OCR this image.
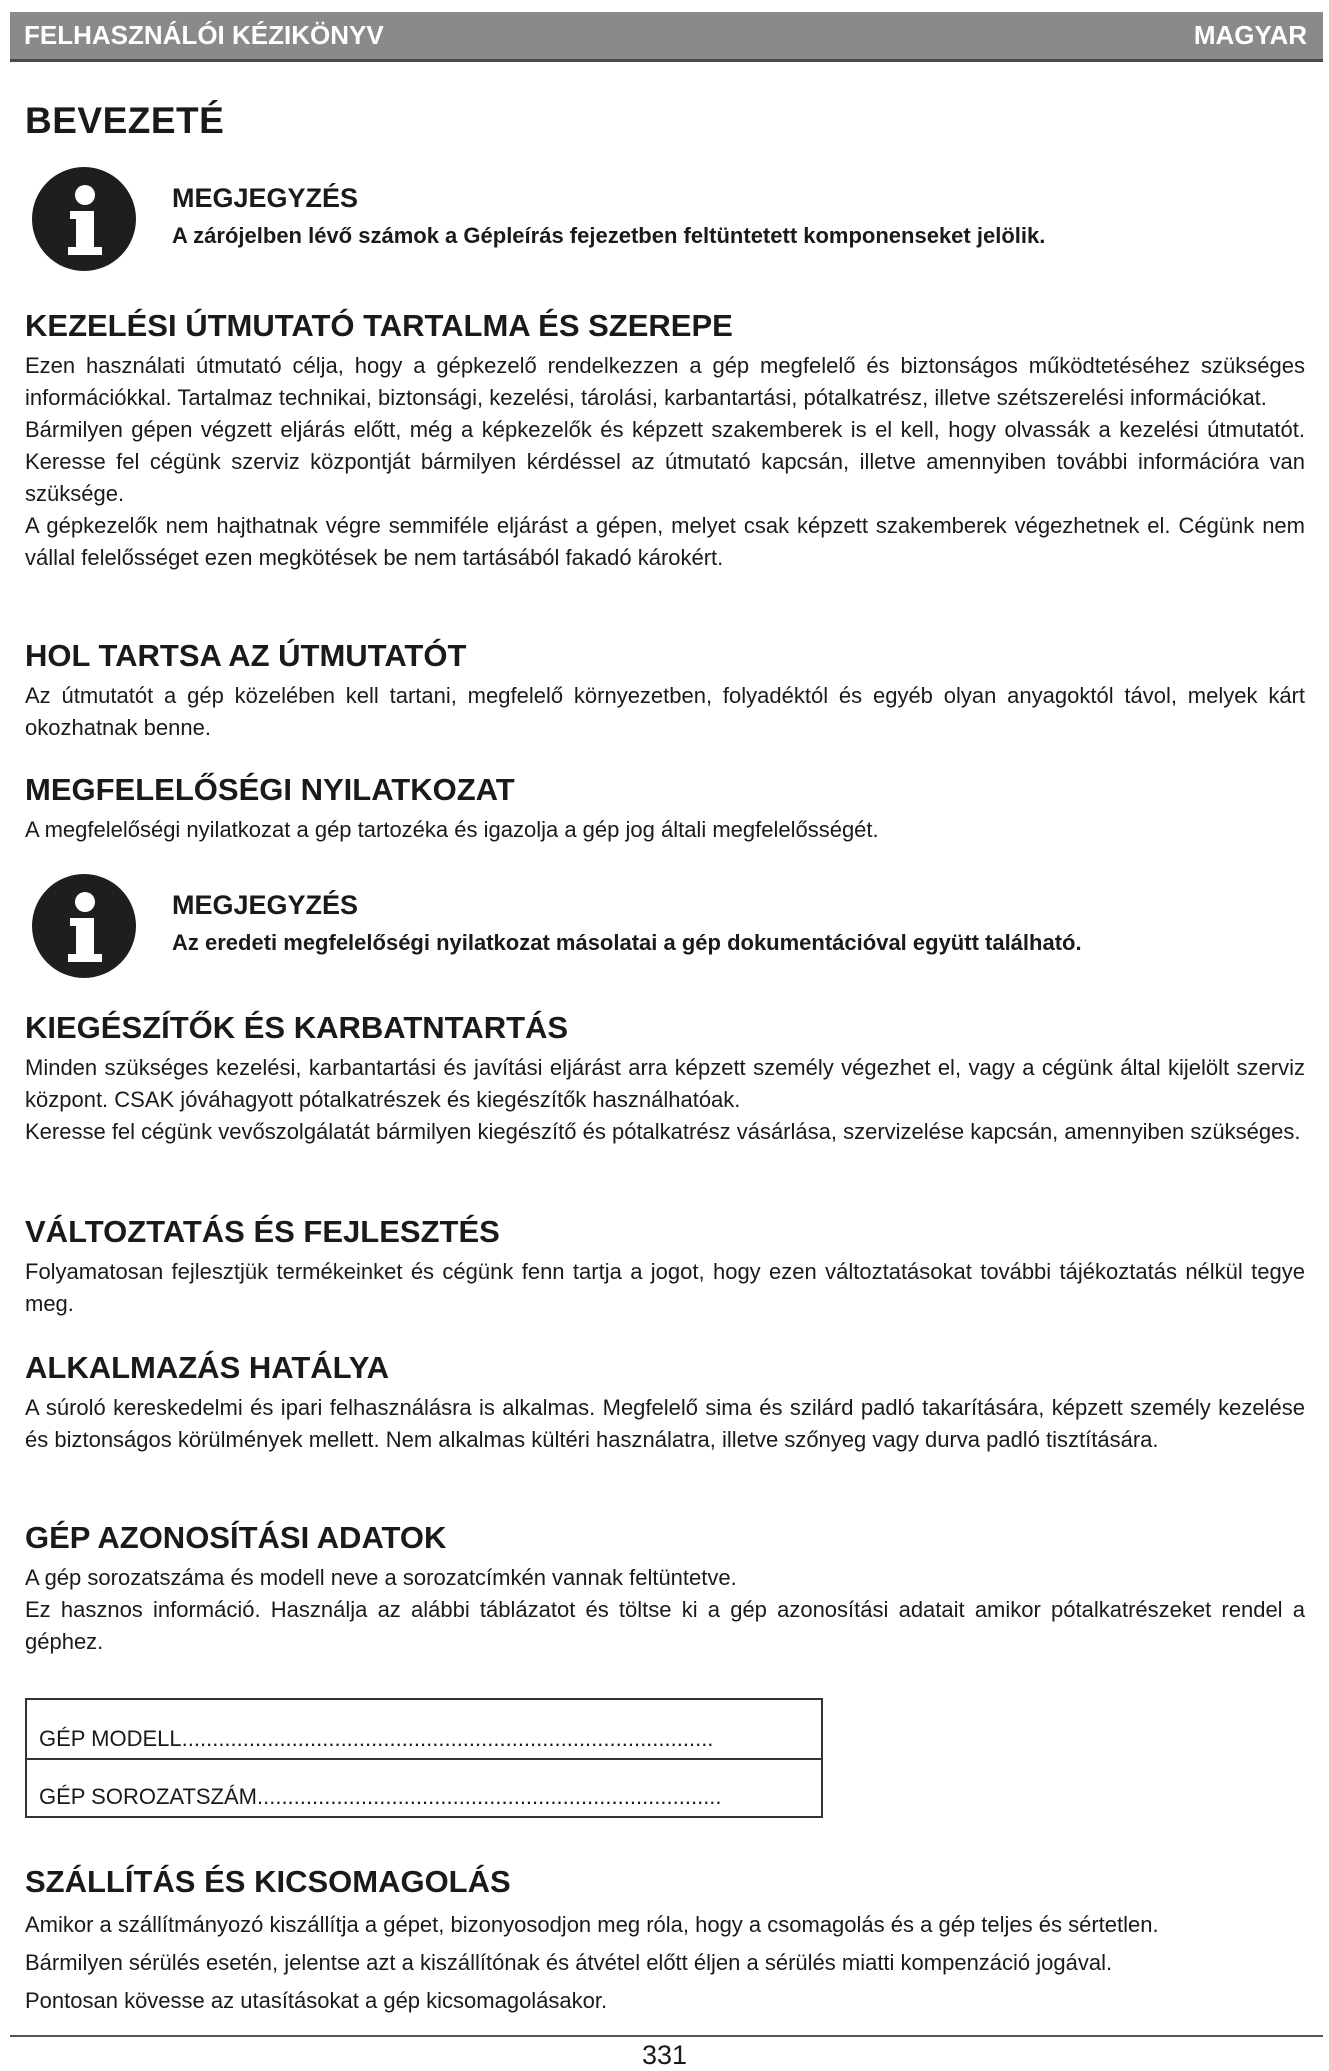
FELHASZNÁLÓI KÉZIKÖNYV	MAGYAR
BEVEZETÉ
MEGJEGYZÉS
A zárójelben lévő számok a Gépleírás fejezetben feltüntetett komponenseket jelölik.
KEZELÉSI ÚTMUTATÓ TARTALMA ÉS SZEREPE

Ezen használati útmutató célja, hogy a gépkezelő rendelkezzen a gép megfelelő és biztonságos működtetéséhez szükséges információkkal. Tartalmaz technikai, biztonsági, kezelési, tárolási, karbantartási, pótalkatrész, illetve szétszerelési információkat.

Bármilyen gépen végzett eljárás előtt, még a képkezelők és képzett szakemberek is el kell, hogy olvassák a kezelési útmutatót. Keresse fel cégünk szerviz központját bármilyen kérdéssel az útmutató kapcsán, illetve amennyiben további információra van szüksége.

A gépkezelők nem hajthatnak végre semmiféle eljárást a gépen, melyet csak képzett szakemberek végezhetnek el. Cégünk nem vállal felelősséget ezen megkötések be nem tartásából fakadó károkért.

HOL TARTSA AZ ÚTMUTATÓT

Az útmutatót a gép közelében kell tartani, megfelelő környezetben, folyadéktól és egyéb olyan anyagoktól távol, melyek kárt okozhatnak benne.

MEGFELELŐSÉGI NYILATKOZAT

A megfelelőségi nyilatkozat a gép tartozéka és igazolja a gép jog általi megfelelősségét.

MEGJEGYZÉS
Az eredeti megfelelőségi nyilatkozat másolatai a gép dokumentációval együtt található.
KIEGÉSZÍTŐK ÉS KARBATNTARTÁS

Minden szükséges kezelési, karbantartási és javítási eljárást arra képzett személy végezhet el, vagy a cégünk által kijelölt szerviz központ. CSAK jóváhagyott pótalkatrészek és kiegészítők használhatóak.

Keresse fel cégünk vevőszolgálatát bármilyen kiegészítő és pótalkatrész vásárlása, szervizelése kapcsán, amennyiben szükséges.

VÁLTOZTATÁS ÉS FEJLESZTÉS

Folyamatosan fejlesztjük termékeinket és cégünk fenn tartja a jogot, hogy ezen változtatásokat további tájékoztatás nélkül tegye meg.

ALKALMAZÁS HATÁLYA

A súroló kereskedelmi és ipari felhasználásra is alkalmas. Megfelelő sima és szilárd padló takarítására, képzett személy kezelése és biztonságos körülmények mellett. Nem alkalmas kültéri használatra, illetve szőnyeg vagy durva padló tisztítására.

GÉP AZONOSÍTÁSI ADATOK

A gép sorozatszáma és modell neve a sorozatcímkén vannak feltüntetve.

Ez hasznos információ. Használja az alábbi táblázatot és töltse ki a gép azonosítási adatait amikor pótalkatrészeket rendel a géphez.

GÉP MODELL.......................................................................................
GÉP SOROZATSZÁM............................................................................
SZÁLLÍTÁS ÉS KICSOMAGOLÁS

Amikor a szállítmányozó kiszállítja a gépet, bizonyosodjon meg róla, hogy a csomagolás és a gép teljes és sértetlen.

Bármilyen sérülés esetén, jelentse azt a kiszállítónak és átvétel előtt éljen a sérülés miatti kompenzáció jogával.

Pontosan kövesse az utasításokat a gép kicsomagolásakor.

331
